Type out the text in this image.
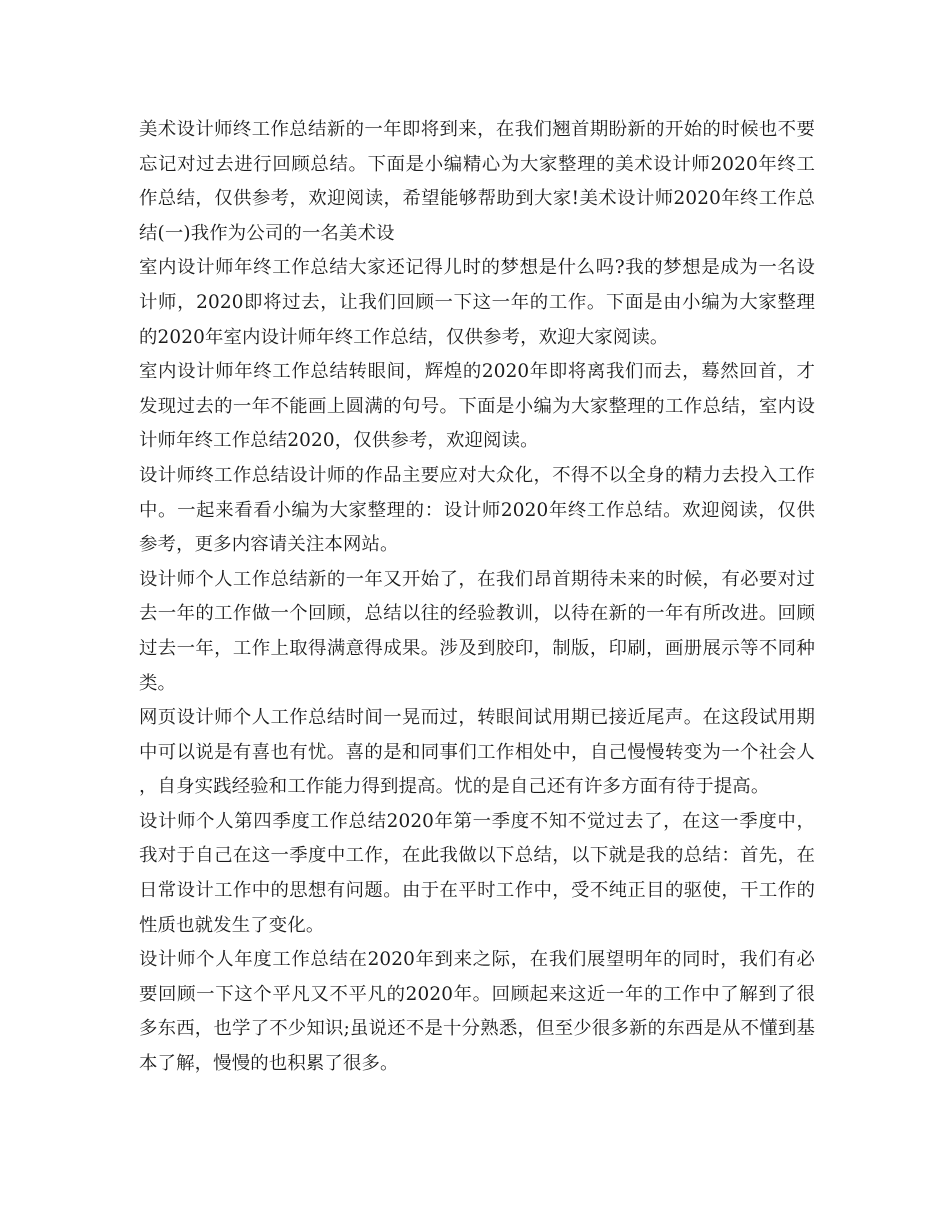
美术设计师终工作总结新的一年即将到来，在我们翘首期盼新的开始的时候也不要忘记对过去进行回顾总结。下面是小编精心为大家整理的美术设计师2020年终工作总结，仅供参考，欢迎阅读，希望能够帮助到大家!美术设计师2020年终工作总结(一)我作为公司的一名美术设

室内设计师年终工作总结大家还记得儿时的梦想是什么吗?我的梦想是成为一名设计师，2020即将过去，让我们回顾一下这一年的工作。下面是由小编为大家整理的2020年室内设计师年终工作总结，仅供参考，欢迎大家阅读。

室内设计师年终工作总结转眼间，辉煌的2020年即将离我们而去，蓦然回首，才发现过去的一年不能画上圆满的句号。下面是小编为大家整理的工作总结，室内设计师年终工作总结2020，仅供参考，欢迎阅读。

设计师终工作总结设计师的作品主要应对大众化，不得不以全身的精力去投入工作中。一起来看看小编为大家整理的：设计师2020年终工作总结。欢迎阅读，仅供参考，更多内容请关注本网站。

设计师个人工作总结新的一年又开始了，在我们昂首期待未来的时候，有必要对过去一年的工作做一个回顾，总结以往的经验教训，以待在新的一年有所改进。回顾过去一年，工作上取得满意得成果。涉及到胶印，制版，印刷，画册展示等不同种类。

网页设计师个人工作总结时间一晃而过，转眼间试用期已接近尾声。在这段试用期中可以说是有喜也有忧。喜的是和同事们工作相处中，自己慢慢转变为一个社会人，自身实践经验和工作能力得到提高。忧的是自己还有许多方面有待于提高。

设计师个人第四季度工作总结2020年第一季度不知不觉过去了，在这一季度中，我对于自己在这一季度中工作，在此我做以下总结，以下就是我的总结：首先，在日常设计工作中的思想有问题。由于在平时工作中，受不纯正目的驱使，干工作的性质也就发生了变化。

设计师个人年度工作总结在2020年到来之际，在我们展望明年的同时，我们有必要回顾一下这个平凡又不平凡的2020年。回顾起来这近一年的工作中了解到了很多东西，也学了不少知识;虽说还不是十分熟悉，但至少很多新的东西是从不懂到基本了解，慢慢的也积累了很多。
